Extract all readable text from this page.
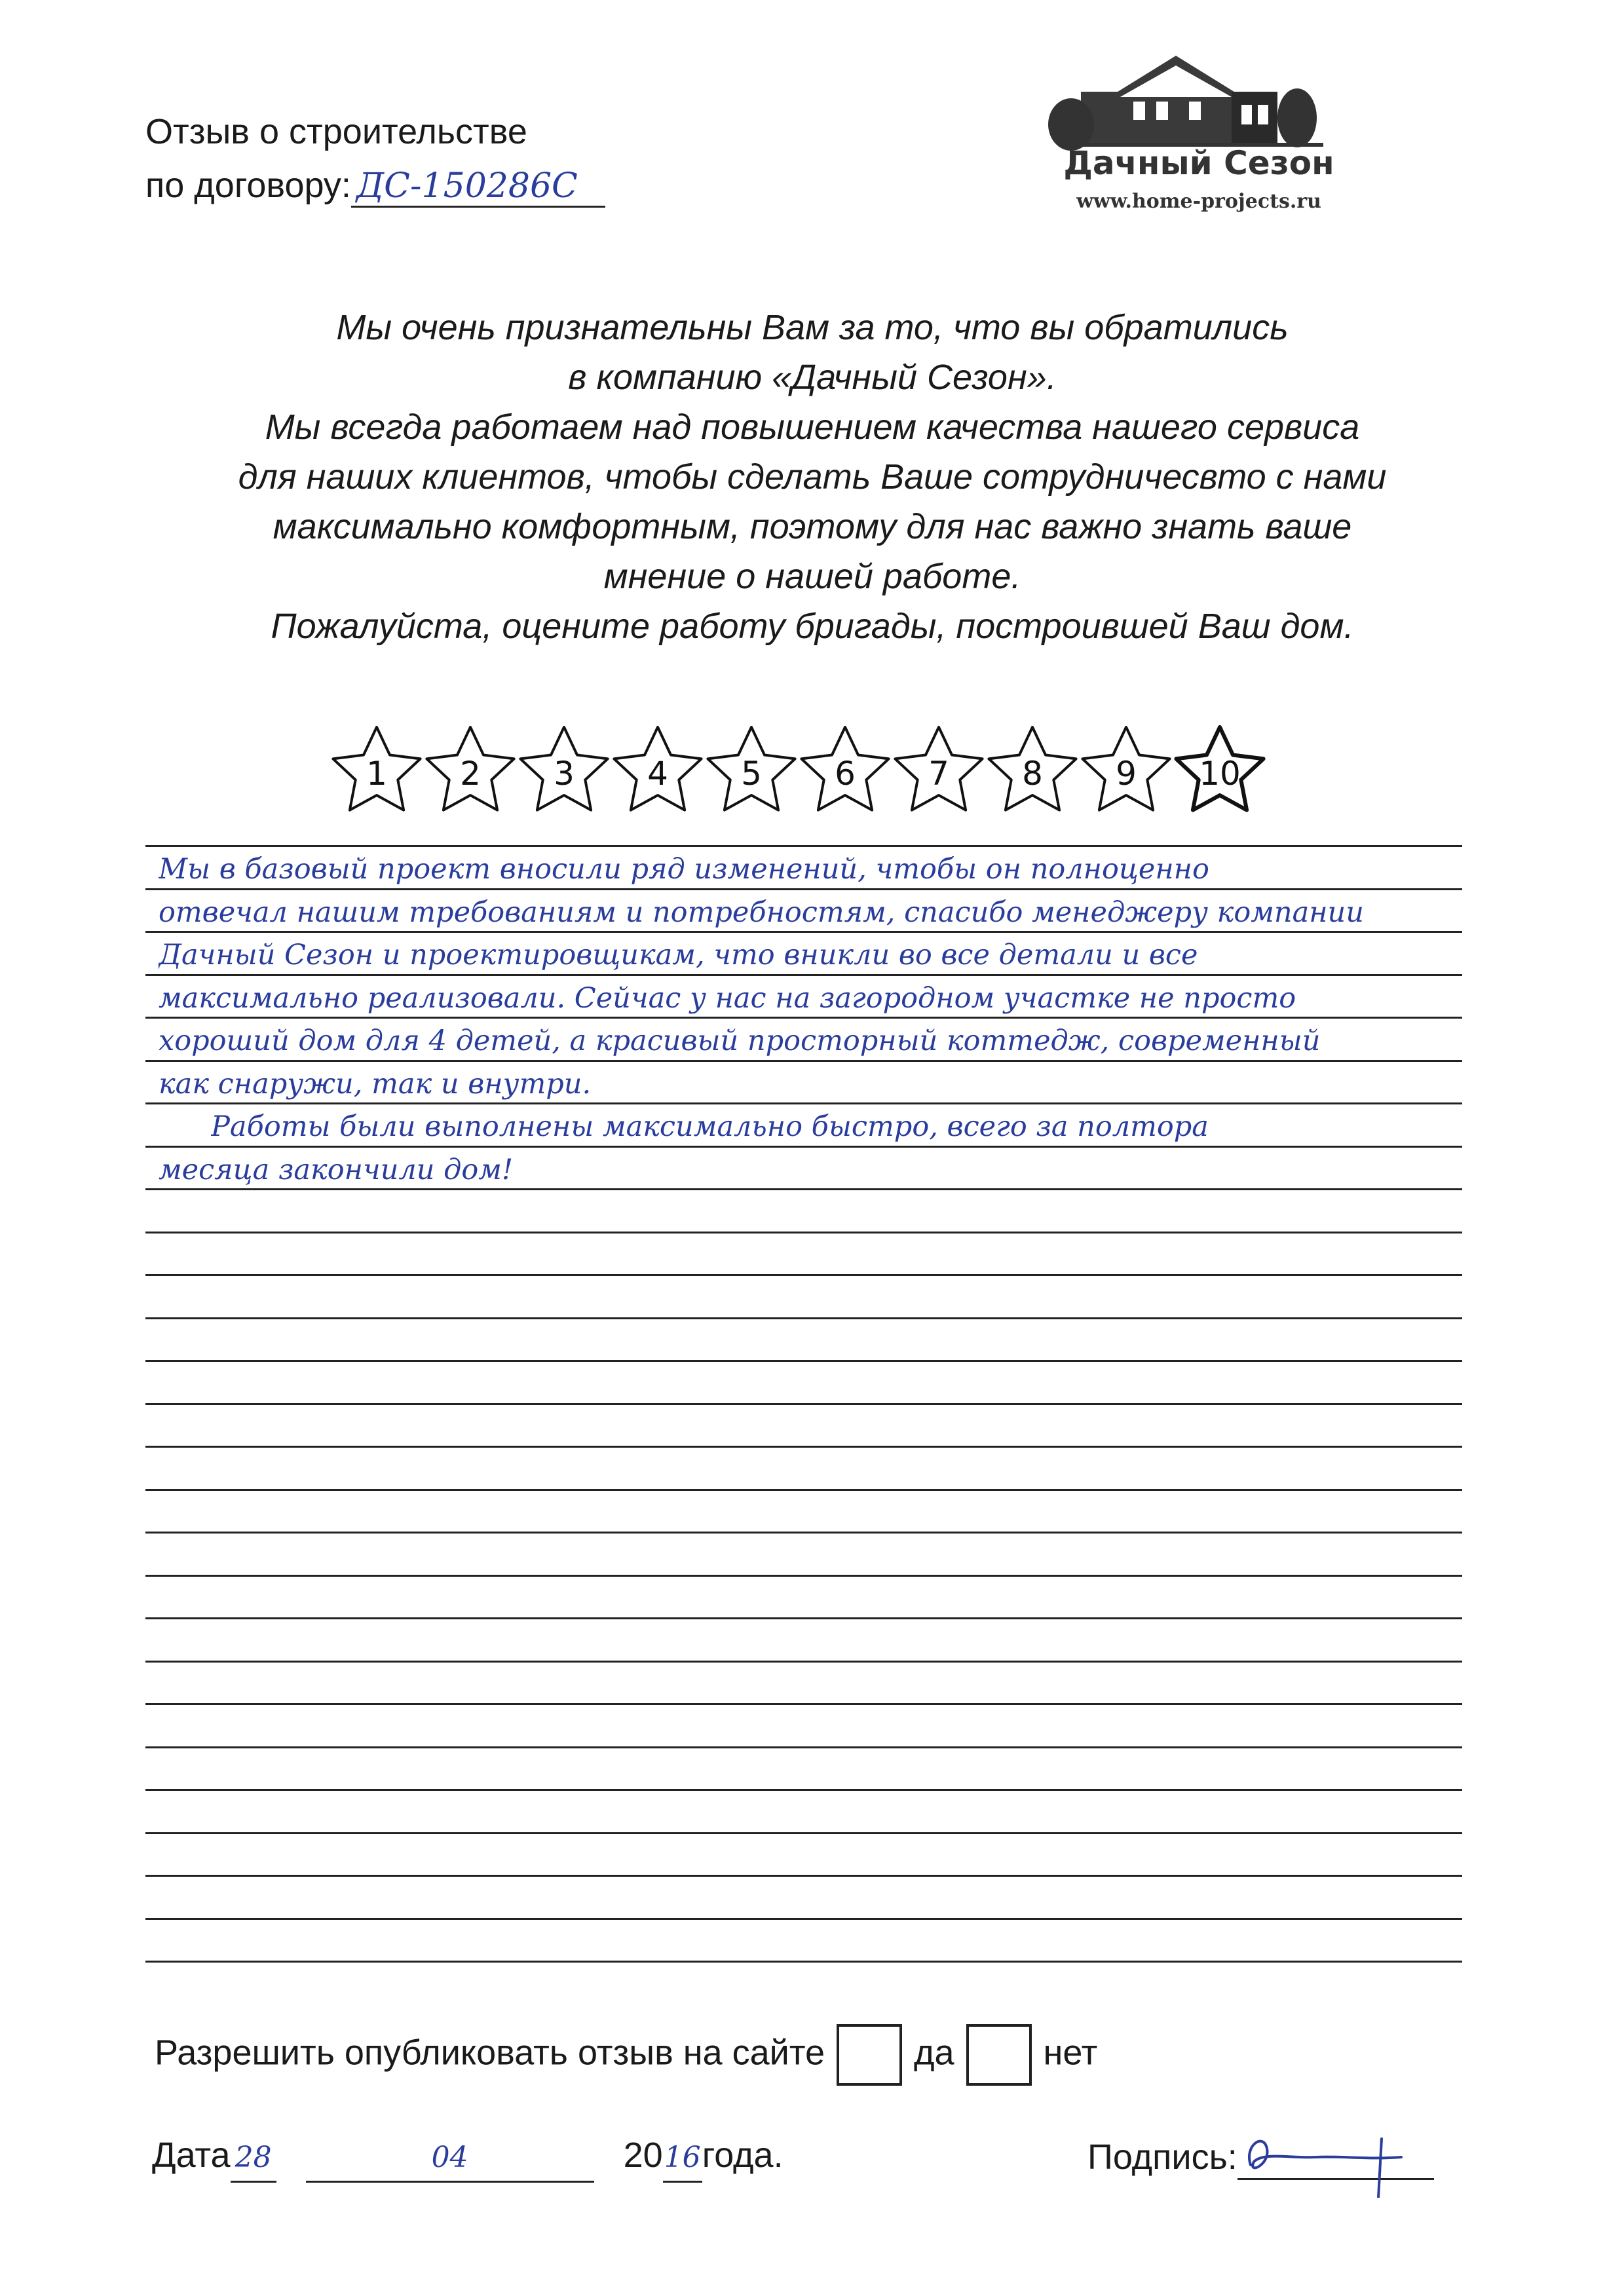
Отзыв о строительстве
по договору: ДС-150286С
Дачный Сезон
www.home-projects.ru
Мы очень признательны Вам за то, что вы обратились
в компанию «Дачный Сезон».
Мы всегда работаем над повышением качества нашего сервиса
для наших клиентов, чтобы сделать Ваше сотрудничесвто с нами
максимально комфортным, поэтому для нас важно знать ваше
мнение о нашей работе.
Пожалуйста, оцените работу бригады, построившей Ваш дом.
1	2	3	4	5	6	7	8	9	10
Мы в базовый проект вносили ряд изменений, чтобы он полноценно
отвечал нашим требованиям и потребностям, спасибо менеджеру компании
Дачный Сезон и проектировщикам, что вникли во все детали и все
максимально реализовали. Сейчас у нас на загородном участке не просто
хороший дом для 4 детей, а красивый просторный коттедж, современный
как снаружи, так и внутри.
Работы были выполнены максимально быстро, всего за полтора
месяца закончили дом!
Разрешить опубликовать отзыв на сайте	да	нет
Дата 28	04	2016года.	Подпись:
